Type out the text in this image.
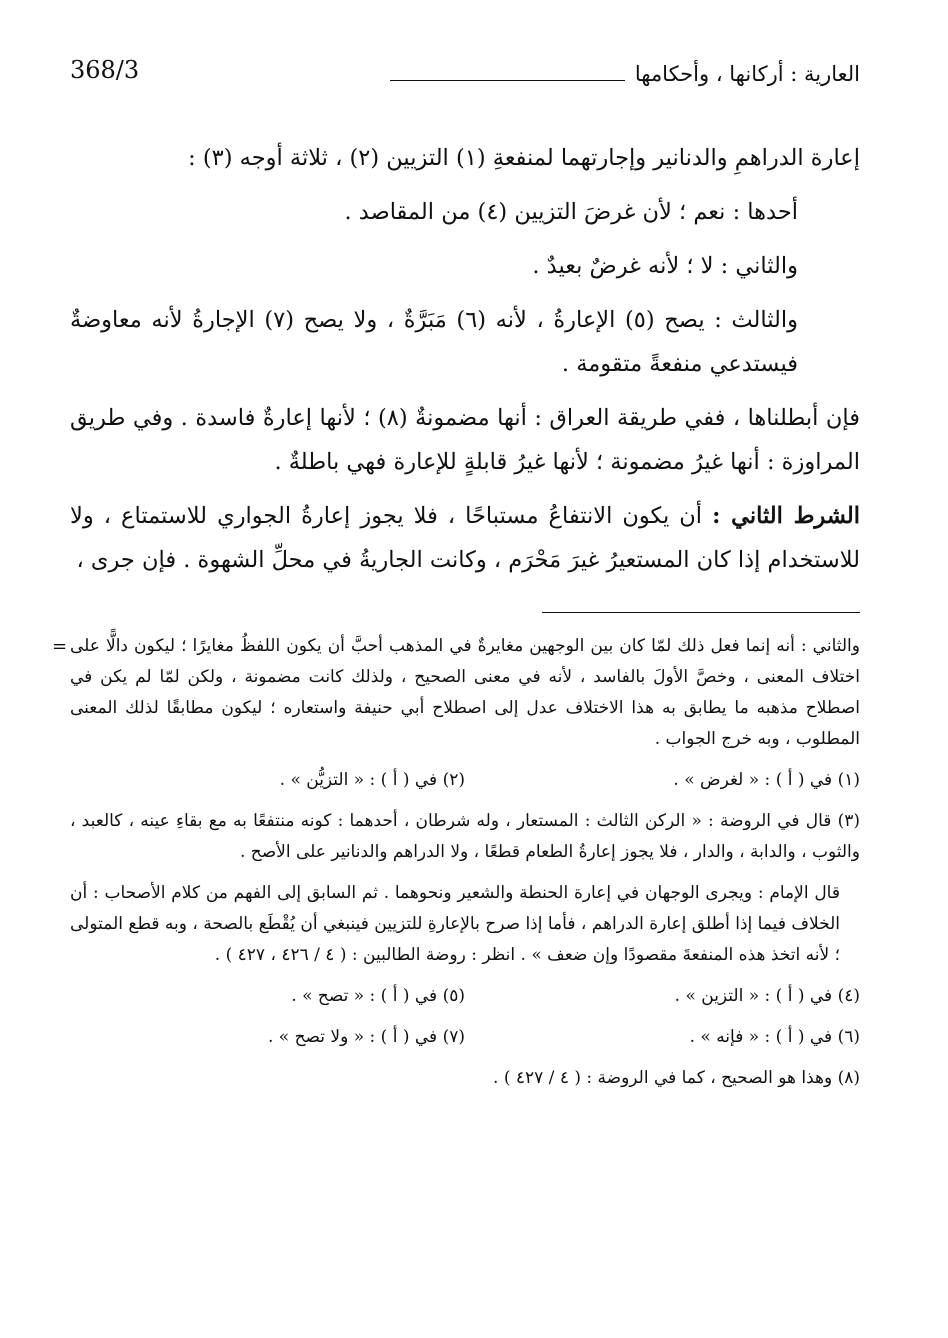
العارية : أركانها ، وأحكامها
368/3

إعارة الدراهمِ والدنانير وإجارتهما لمنفعةِ (١) التزيين (٢) ، ثلاثة أوجه (٣) :

أحدها : نعم ؛ لأن غرضَ التزيين (٤) من المقاصد .

والثاني : لا ؛ لأنه غرضٌ بعيدٌ .

والثالث : يصح (٥) الإعارةُ ، لأنه (٦) مَبَرَّةٌ ، ولا يصح (٧) الإجارةُ لأنه معاوضةٌ فيستدعي منفعةً متقومة .

فإن أبطلناها ، ففي طريقة العراق : أنها مضمونةٌ (٨) ؛ لأنها إعارةٌ فاسدة . وفي طريق المراوزة : أنها غيرُ مضمونة ؛ لأنها غيرُ قابلةٍ للإعارة فهي باطلةٌ .

الشرط الثاني : أن يكون الانتفاعُ مستباحًا ، فلا يجوز إعارةُ الجواري للاستمتاع ، ولا للاستخدام إذا كان المستعيرُ غيرَ مَحْرَم ، وكانت الجاريةُ في محلِّ الشهوة . فإن جرى ،

= والثاني : أنه إنما فعل ذلك لمّا كان بين الوجهين مغايرةٌ في المذهب أحبَّ أن يكون اللفظُ مغايرًا ؛ ليكون دالًّا على اختلاف المعنى ، وخصَّ الأولَ بالفاسد ، لأنه في معنى الصحيح ، ولذلك كانت مضمونة ، ولكن لمّا لم يكن في اصطلاح مذهبه ما يطابق به هذا الاختلاف عدل إلى اصطلاح أبي حنيفة واستعاره ؛ ليكون مطابقًا لذلك المعنى المطلوب ، وبه خرج الجواب .

(١) في ( أ ) : « لغرض » .
(٢) في ( أ ) : « التزيُّن » .

(٣) قال في الروضة : « الركن الثالث : المستعار ، وله شرطان ، أحدهما : كونه منتفعًا به مع بقاءِ عينه ، كالعبد ، والثوب ، والدابة ، والدار ، فلا يجوز إعارةُ الطعام قطعًا ، ولا الدراهم والدنانير على الأصح .

قال الإمام : ويجرى الوجهان في إعارة الحنطة والشعير ونحوهما . ثم السابق إلى الفهم من كلام الأصحاب : أن الخلاف فيما إذا أطلق إعارة الدراهم ، فأما إذا صرح بالإعارةِ للتزيين فينبغي أن يُقْطَع بالصحة ، وبه قطع المتولى ؛ لأنه اتخذ هذه المنفعةَ مقصودًا وإن ضعف » . انظر : روضة الطالبين : ( ٤ / ٤٢٦ ، ٤٢٧ ) .

(٤) في ( أ ) : « التزين » .
(٥) في ( أ ) : « تصح » .
(٦) في ( أ ) : « فإنه » .
(٧) في ( أ ) : « ولا تصح » .

(٨) وهذا هو الصحيح ، كما في الروضة : ( ٤ / ٤٢٧ ) .
